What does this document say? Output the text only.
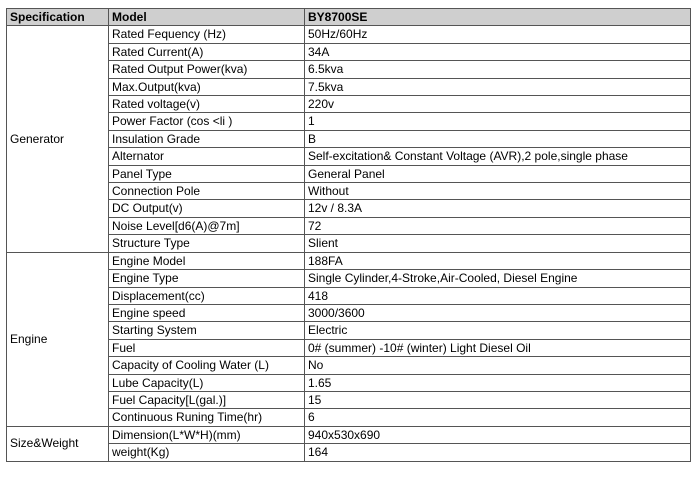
Specification	Model	BY8700SE
Generator	Rated Fequency (Hz)	50Hz/60Hz
	Rated Current(A)	34A
	Rated Output Power(kva)	6.5kva
	Max.Output(kva)	7.5kva
	Rated voltage(v)	220v
	Power Factor (cos <li )	1
	Insulation Grade	B
	Alternator	Self-excitation& Constant Voltage (AVR),2 pole,single phase
	Panel Type	General Panel
	Connection Pole	Without
	DC Output(v)	12v / 8.3A
	Noise Level[d6(A)@7m]	72
	Structure Type	Slient
Engine	Engine Model	188FA
	Engine Type	Single Cylinder,4-Stroke,Air-Cooled, Diesel Engine
	Displacement(cc)	418
	Engine speed	3000/3600
	Starting System	Electric
	Fuel	0# (summer) -10# (winter) Light Diesel Oil
	Capacity of Cooling Water (L)	No
	Lube Capacity(L)	1.65
	Fuel Capacity[L(gal.)]	15
	Continuous Runing Time(hr)	6
Size&Weight	Dimension(L*W*H)(mm)	940x530x690
	weight(Kg)	164
